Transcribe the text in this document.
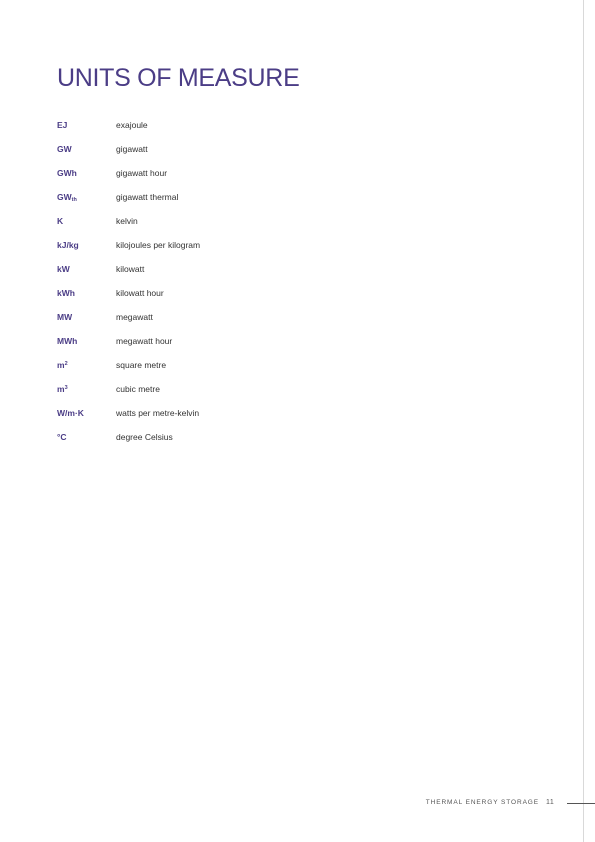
UNITS OF MEASURE
EJ	exajoule
GW	gigawatt
GWh	gigawatt hour
$GW_{th}$	gigawatt thermal
K	kelvin
kJ/kg	kilojoules per kilogram
kW	kilowatt
kWh	kilowatt hour
MW	megawatt
MWh	megawatt hour
$m^2$	square metre
$m^3$	cubic metre
W/m·K	watts per metre-kelvin
°C	degree Celsius
THERMAL ENERGY STORAGE 11
